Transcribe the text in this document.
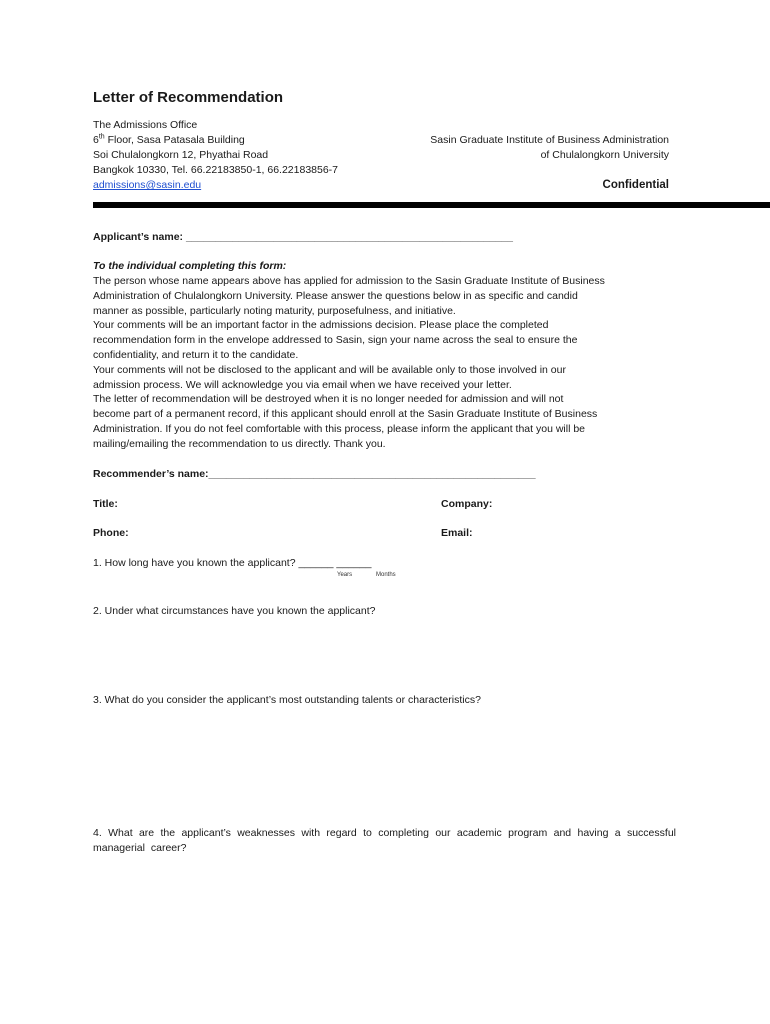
Letter of Recommendation
The Admissions Office
6th Floor, Sasa Patasala Building
Soi Chulalongkorn 12, Phyathai Road
Bangkok 10330, Tel. 66.22183850-1, 66.22183856-7
admissions@sasin.edu
Sasin Graduate Institute of Business Administration
of Chulalongkorn University
Confidential
Applicant’s name: ________________________________________________________
To the individual completing this form:
The person whose name appears above has applied for admission to the Sasin Graduate Institute of Business
Administration of Chulalongkorn University. Please answer the questions below in as specific and candid
manner as possible, particularly noting maturity, purposefulness, and initiative.
Your comments will be an important factor in the admissions decision. Please place the completed
recommendation form in the envelope addressed to Sasin, sign your name across the seal to ensure the
confidentiality, and return it to the candidate.
Your comments will not be disclosed to the applicant and will be available only to those involved in our
admission process. We will acknowledge you via email when we have received your letter.
The letter of recommendation will be destroyed when it is no longer needed for admission and will not
become part of a permanent record, if this applicant should enroll at the Sasin Graduate Institute of Business
Administration. If you do not feel comfortable with this process, please inform the applicant that you will be
mailing/emailing the recommendation to us directly. Thank you.
Recommender’s name:________________________________________________________
Title:	Company:
Phone:	Email:
1. How long have you known the applicant? ______ ______
Years	Months
2. Under what circumstances have you known the applicant?
3. What do you consider the applicant’s most outstanding talents or characteristics?
4. What are the applicant’s weaknesses with regard to completing our academic program and having a successful managerial career?
